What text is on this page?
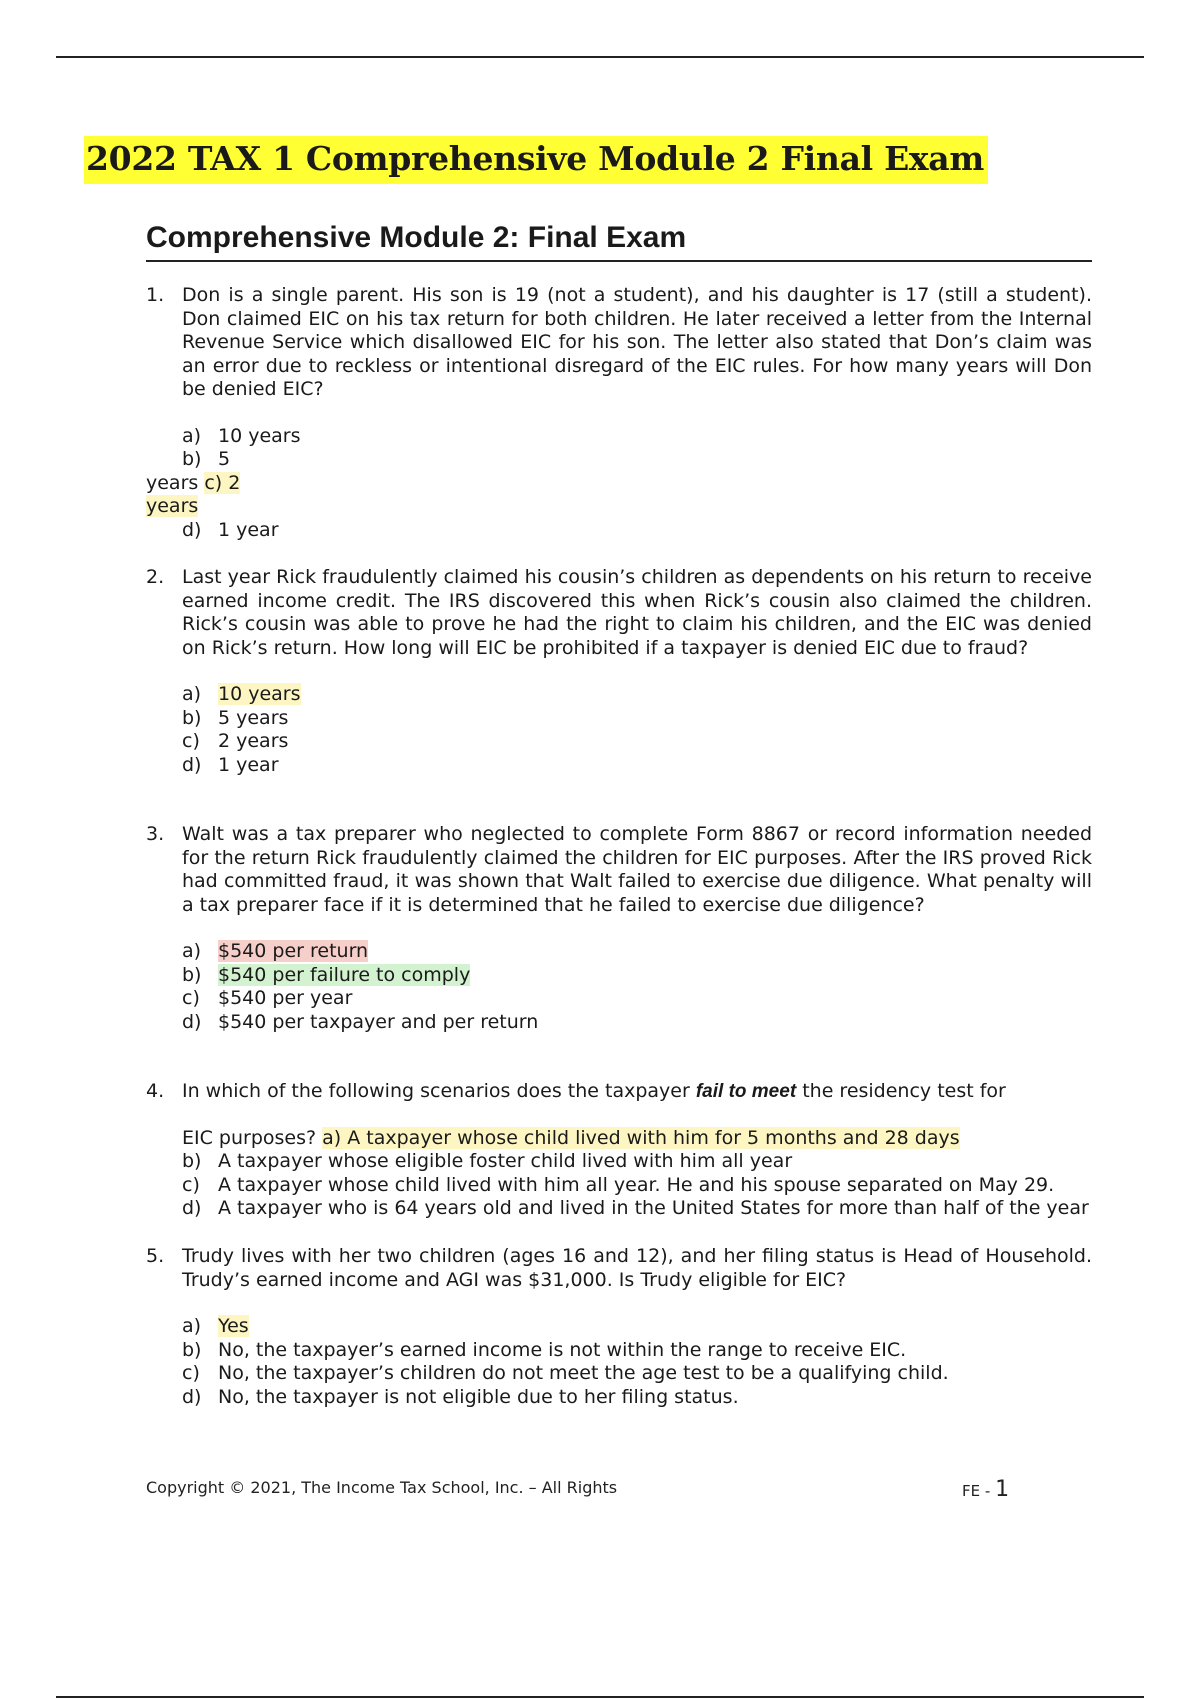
2022 TAX 1 Comprehensive Module 2 Final Exam
Comprehensive Module 2: Final Exam
1. Don is a single parent. His son is 19 (not a student), and his daughter is 17 (still a student). Don claimed EIC on his tax return for both children. He later received a letter from the Internal Revenue Service which disallowed EIC for his son. The letter also stated that Don’s claim was an error due to reckless or intentional disregard of the EIC rules. For how many years will Don be denied EIC?
a) 10 years
b) 5
years c) 2
years
d) 1 year
2. Last year Rick fraudulently claimed his cousin’s children as dependents on his return to receive earned income credit. The IRS discovered this when Rick’s cousin also claimed the children. Rick’s cousin was able to prove he had the right to claim his children, and the EIC was denied on Rick’s return. How long will EIC be prohibited if a taxpayer is denied EIC due to fraud?
a) 10 years
b) 5 years
c) 2 years
d) 1 year
3. Walt was a tax preparer who neglected to complete Form 8867 or record information needed for the return Rick fraudulently claimed the children for EIC purposes. After the IRS proved Rick had committed fraud, it was shown that Walt failed to exercise due diligence. What penalty will a tax preparer face if it is determined that he failed to exercise due diligence?
a) $540 per return
b) $540 per failure to comply
c) $540 per year
d) $540 per taxpayer and per return
4. In which of the following scenarios does the taxpayer fail to meet the residency test for
EIC purposes? a) A taxpayer whose child lived with him for 5 months and 28 days
b) A taxpayer whose eligible foster child lived with him all year
c) A taxpayer whose child lived with him all year. He and his spouse separated on May 29.
d) A taxpayer who is 64 years old and lived in the United States for more than half of the year
5. Trudy lives with her two children (ages 16 and 12), and her filing status is Head of Household. Trudy’s earned income and AGI was $31,000. Is Trudy eligible for EIC?
a) Yes
b) No, the taxpayer’s earned income is not within the range to receive EIC.
c) No, the taxpayer’s children do not meet the age test to be a qualifying child.
d) No, the taxpayer is not eligible due to her filing status.
Copyright © 2021, The Income Tax School, Inc. – All Rights	FE - 1
